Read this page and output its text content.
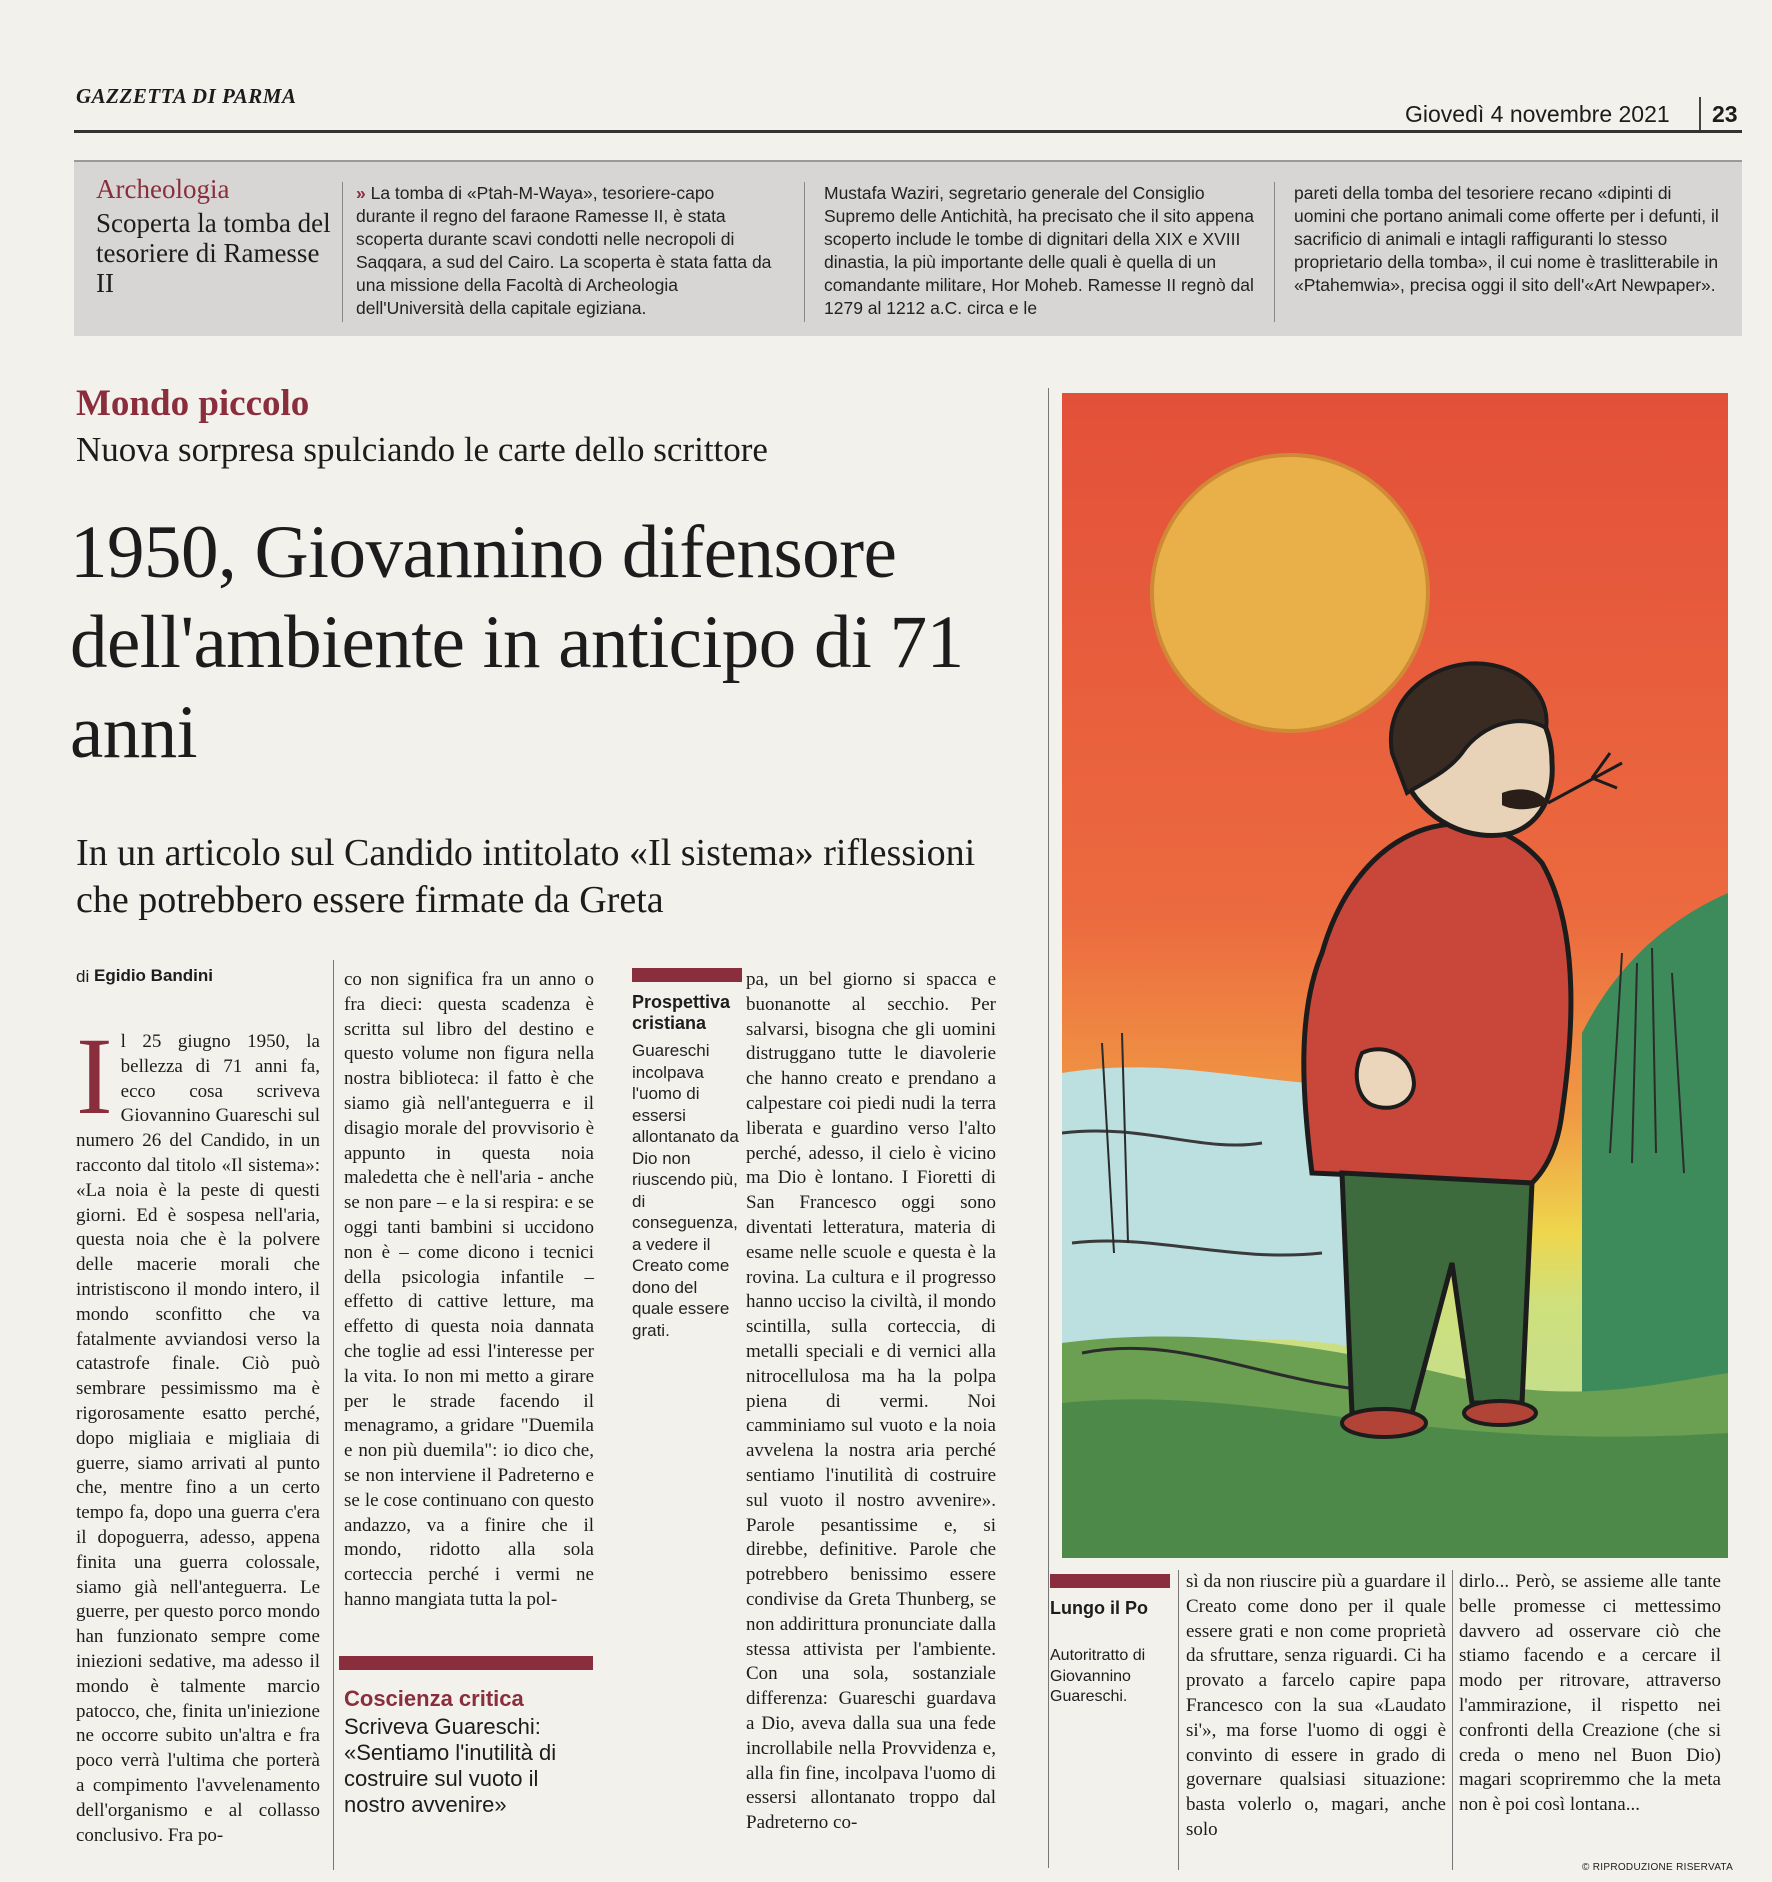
GAZZETTA DI PARMA
Giovedì 4 novembre 2021 23
Archeologia
Scoperta la tomba del tesoriere di Ramesse II
» La tomba di «Ptah-M-Waya», tesoriere-capo durante il regno del faraone Ramesse II, è stata scoperta durante scavi condotti nelle necropoli di Saqqara, a sud del Cairo. La scoperta è stata fatta da una missione della Facoltà di Archeologia dell'Università della capitale egiziana.
Mustafa Waziri, segretario generale del Consiglio Supremo delle Antichità, ha precisato che il sito appena scoperto include le tombe di dignitari della XIX e XVIII dinastia, la più importante delle quali è quella di un comandante militare, Hor Moheb. Ramesse II regnò dal 1279 al 1212 a.C. circa e le
pareti della tomba del tesoriere recano «dipinti di uomini che portano animali come offerte per i defunti, il sacrificio di animali e intagli raffiguranti lo stesso proprietario della tomba», il cui nome è traslitterabile in «Ptahemwia», precisa oggi il sito dell'«Art Newpaper».
Mondo piccolo
Nuova sorpresa spulciando le carte dello scrittore
1950, Giovannino difensore dell'ambiente in anticipo di 71 anni
In un articolo sul Candido intitolato «Il sistema» riflessioni che potrebbero essere firmate da Greta
di Egidio Bandini
Il 25 giugno 1950, la bellezza di 71 anni fa, ecco cosa scriveva Giovannino Guareschi sul numero 26 del Candido, in un racconto dal titolo «Il sistema»: «La noia è la peste di questi giorni. Ed è sospesa nell'aria, questa noia che è la polvere delle macerie morali che intristiscono il mondo intero, il mondo sconfitto che va fatalmente avviandosi verso la catastrofe finale. Ciò può sembrare pessimissmo ma è rigorosamente esatto perché, dopo migliaia e migliaia di guerre, siamo arrivati al punto che, mentre fino a un certo tempo fa, dopo una guerra c'era il dopoguerra, adesso, appena finita una guerra colossale, siamo già nell'anteguerra. Le guerre, per questo porco mondo han funzionato sempre come iniezioni sedative, ma adesso il mondo è talmente marcio patocco, che, finita un'iniezione ne occorre subito un'altra e fra poco verrà l'ultima che porterà a compimento l'avvelenamento dell'organismo e al collasso conclusivo. Fra po-
co non significa fra un anno o fra dieci: questa scadenza è scritta sul libro del destino e questo volume non figura nella nostra biblioteca: il fatto è che siamo già nell'anteguerra e il disagio morale del provvisorio è appunto in questa noia maledetta che è nell'aria - anche se non pare – e la si respira: e se oggi tanti bambini si uccidono non è – come dicono i tecnici della psicologia infantile – effetto di cattive letture, ma effetto di questa noia dannata che toglie ad essi l'interesse per la vita. Io non mi metto a girare per le strade facendo il menagramo, a gridare "Duemila e non più duemila": io dico che, se non interviene il Padreterno e se le cose continuano con questo andazzo, va a finire che il mondo, ridotto alla sola corteccia perché i vermi ne hanno mangiata tutta la pol-
Prospettiva cristiana
Guareschi incolpava l'uomo di essersi allontanato da Dio non riuscendo più, di conseguenza, a vedere il Creato come dono del quale essere grati.
pa, un bel giorno si spacca e buonanotte al secchio. Per salvarsi, bisogna che gli uomini distruggano tutte le diavolerie che hanno creato e prendano a calpestare coi piedi nudi la terra liberata e guardino verso l'alto perché, adesso, il cielo è vicino ma Dio è lontano. I Fioretti di San Francesco oggi sono diventati letteratura, materia di esame nelle scuole e questa è la rovina. La cultura e il progresso hanno ucciso la civiltà, il mondo scintilla, sulla corteccia, di metalli speciali e di vernici alla nitrocellulosa ma ha la polpa piena di vermi. Noi camminiamo sul vuoto e la noia avvelena la nostra aria perché sentiamo l'inutilità di costruire sul vuoto il nostro avvenire». Parole pesantissime e, si direbbe, definitive. Parole che potrebbero benissimo essere condivise da Greta Thunberg, se non addirittura pronunciate dalla stessa attivista per l'ambiente. Con una sola, sostanziale differenza: Guareschi guardava a Dio, aveva dalla sua una fede incrollabile nella Provvidenza e, alla fin fine, incolpava l'uomo di essersi allontanato troppo dal Padreterno co-
Coscienza critica
Scriveva Guareschi: «Sentiamo l'inutilità di costruire sul vuoto il nostro avvenire»
Lungo il Po
Autoritratto di Giovannino Guareschi.
sì da non riuscire più a guardare il Creato come dono per il quale essere grati e non come proprietà da sfruttare, senza riguardi. Ci ha provato a farcelo capire papa Francesco con la sua «Laudato si'», ma forse l'uomo di oggi è convinto di essere in grado di governare qualsiasi situazione: basta volerlo o, magari, anche solo
dirlo... Però, se assieme alle tante belle promesse ci mettessimo davvero ad osservare ciò che stiamo facendo e a cercare il modo per ritrovare, attraverso l'ammirazione, il rispetto nei confronti della Creazione (che si creda o meno nel Buon Dio) magari scopriremmo che la meta non è poi così lontana...
© RIPRODUZIONE RISERVATA
